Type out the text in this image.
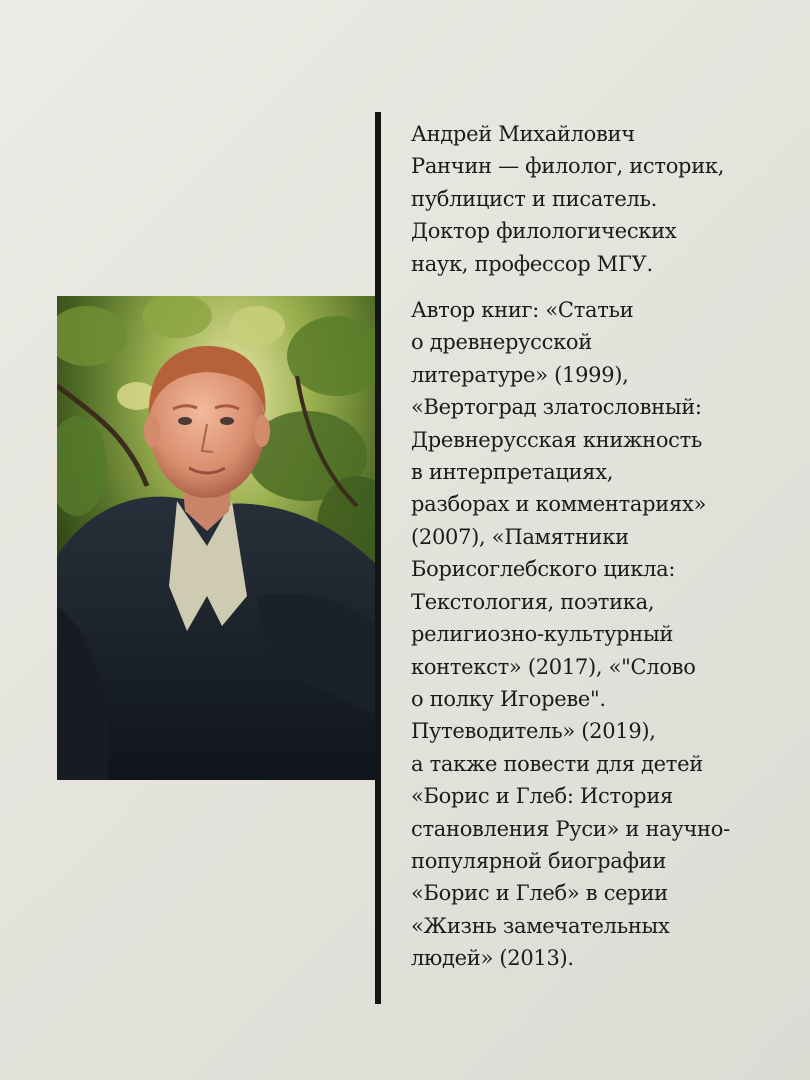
Андрей Михайлович
Ранчин — филолог, историк,
публицист и писатель.
Доктор филологических
наук, профессор МГУ.
Автор книг: «Статьи
о древнерусской
литературе» (1999),
«Вертоград златословный:
Древнерусская книжность
в интерпретациях,
разборах и комментариях»
(2007), «Памятники
Борисоглебского цикла:
Текстология, поэтика,
религиозно-культурный
контекст» (2017), «"Слово
о полку Игореве".
Путеводитель» (2019),
а также повести для детей
«Борис и Глеб: История
становления Руси» и научно-
популярной биографии
«Борис и Глеб» в серии
«Жизнь замечательных
людей» (2013).
